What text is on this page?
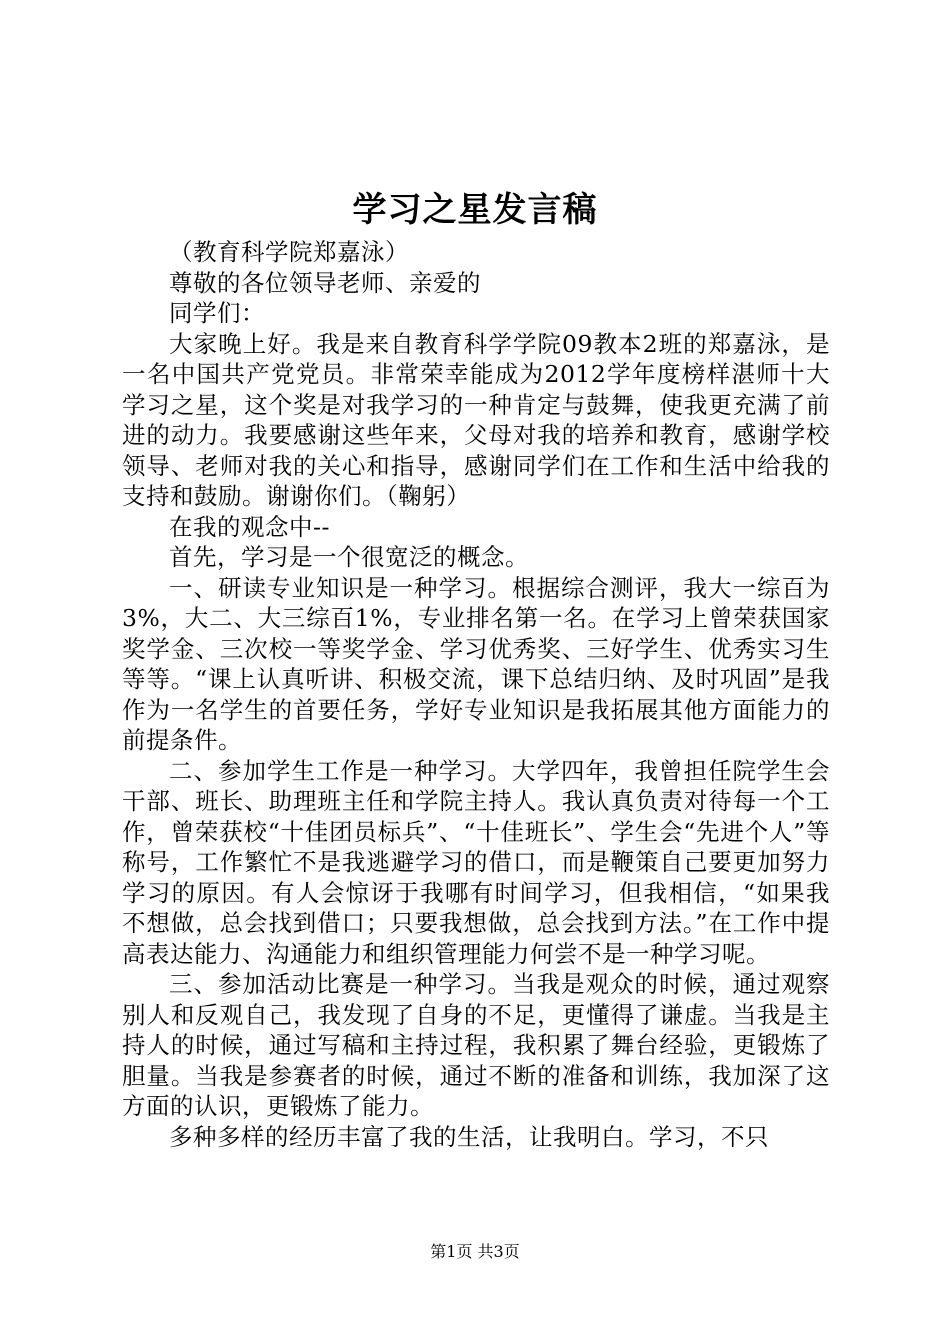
学习之星发言稿

（教育科学院郑嘉泳）

尊敬的各位领导老师、亲爱的

同学们：

大家晚上好。我是来自教育科学学院09教本2班的郑嘉泳，是一名中国共产党党员。非常荣幸能成为2012学年度榜样湛师十大学习之星，这个奖是对我学习的一种肯定与鼓舞，使我更充满了前进的动力。我要感谢这些年来，父母对我的培养和教育，感谢学校领导、老师对我的关心和指导，感谢同学们在工作和生活中给我的支持和鼓励。谢谢你们。（鞠躬）

在我的观念中--

首先，学习是一个很宽泛的概念。

一、研读专业知识是一种学习。根据综合测评，我大一综百为3%，大二、大三综百1%，专业排名第一名。在学习上曾荣获国家奖学金、三次校一等奖学金、学习优秀奖、三好学生、优秀实习生等等。“课上认真听讲、积极交流，课下总结归纳、及时巩固”是我作为一名学生的首要任务，学好专业知识是我拓展其他方面能力的前提条件。

二、参加学生工作是一种学习。大学四年，我曾担任院学生会干部、班长、助理班主任和学院主持人。我认真负责对待每一个工作，曾荣获校“十佳团员标兵”、“十佳班长”、学生会“先进个人”等称号，工作繁忙不是我逃避学习的借口，而是鞭策自己要更加努力学习的原因。有人会惊讶于我哪有时间学习，但我相信，“如果我不想做，总会找到借口；只要我想做，总会找到方法。”在工作中提高表达能力、沟通能力和组织管理能力何尝不是一种学习呢。

三、参加活动比赛是一种学习。当我是观众的时候，通过观察别人和反观自己，我发现了自身的不足，更懂得了谦虚。当我是主持人的时候，通过写稿和主持过程，我积累了舞台经验，更锻炼了胆量。当我是参赛者的时候，通过不断的准备和训练，我加深了这方面的认识，更锻炼了能力。

多种多样的经历丰富了我的生活，让我明白。学习，不只

第1页 共3页
